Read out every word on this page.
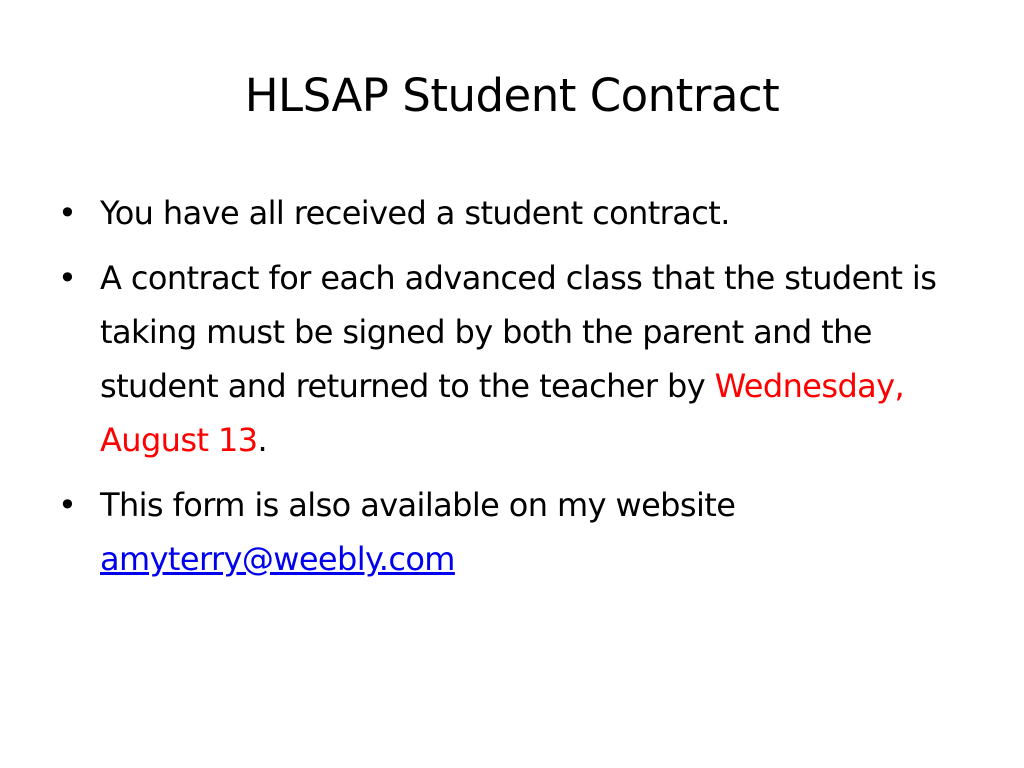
HLSAP Student Contract
• You have all received a student contract.
• A contract for each advanced class that the student is taking must be signed by both the parent and the student and returned to the teacher by Wednesday, August 13.
• This form is also available on my website amyterry@weebly.com
